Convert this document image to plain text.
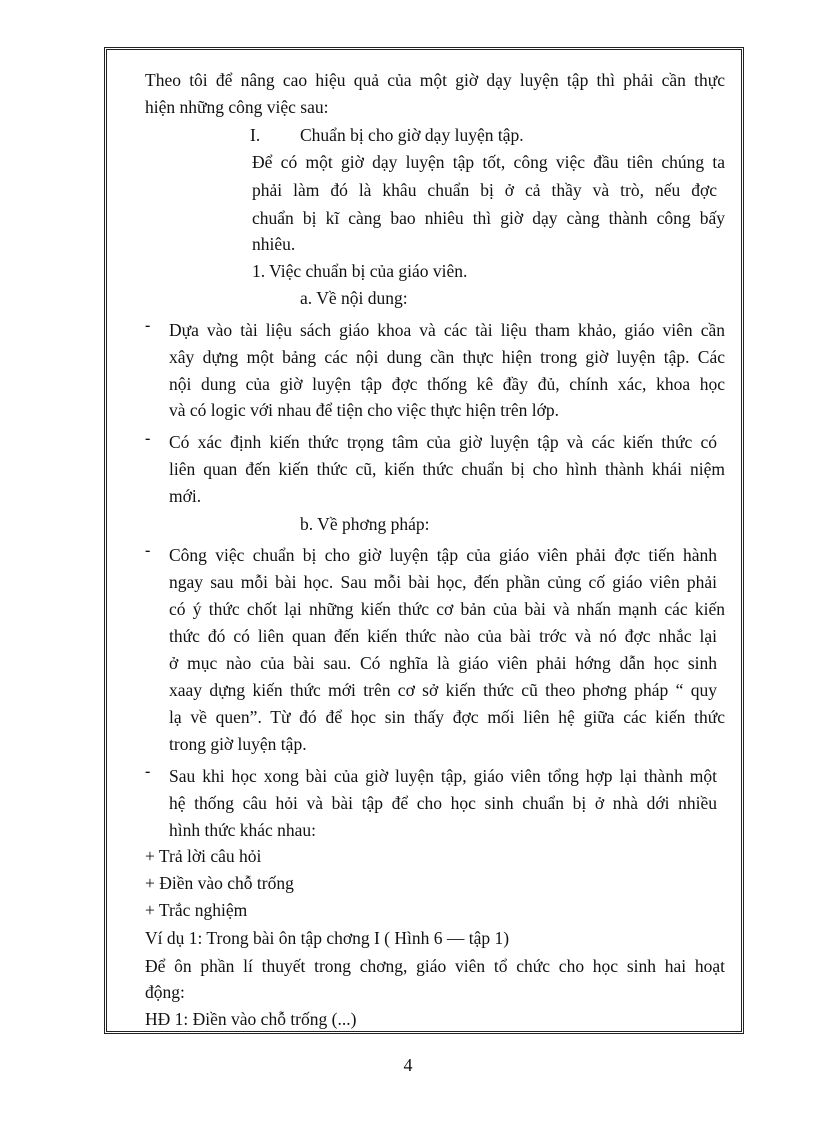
Theo tôi để nâng cao hiệu quả của một giờ dạy luyện tập thì phải cần thực
hiện những công việc sau:
I. Chuẩn bị cho giờ dạy luyện tập.
Để có một giờ dạy luyện tập tốt, công việc đầu tiên chúng ta
phải làm đó là khâu chuẩn bị ở cả thầy và trò, nếu đợc
chuẩn bị kĩ càng bao nhiêu thì giờ dạy càng thành công bấy
nhiêu.
1. Việc chuẩn bị của giáo viên.
a. Về nội dung:
- Dựa vào tài liệu sách giáo khoa và các tài liệu tham khảo, giáo viên cần
xây dựng một bảng các nội dung cần thực hiện trong giờ luyện tập. Các
nội dung của giờ luyện tập đợc thống kê đầy đủ, chính xác, khoa học
và có logic với nhau để tiện cho việc thực hiện trên lớp.
- Có xác định kiến thức trọng tâm của giờ luyện tập và các kiến thức có
liên quan đến kiến thức cũ, kiến thức chuẩn bị cho hình thành khái niệm
mới.
b. Về phơng pháp:
- Công việc chuẩn bị cho giờ luyện tập của giáo viên phải đợc tiến hành
ngay sau mỗi bài học. Sau mỗi bài học, đến phần củng cố giáo viên phải
có ý thức chốt lại những kiến thức cơ bản của bài và nhấn mạnh các kiến
thức đó có liên quan đến kiến thức nào của bài trớc và nó đợc nhắc lại
ở mục nào của bài sau. Có nghĩa là giáo viên phải hớng dẫn học sinh
xaay dựng kiến thức mới trên cơ sở kiến thức cũ theo phơng pháp “ quy
lạ về quen”. Từ đó để học sin thấy đợc mối liên hệ giữa các kiến thức
trong giờ luyện tập.
- Sau khi học xong bài của giờ luyện tập, giáo viên tổng hợp lại thành một
hệ thống câu hỏi và bài tập để cho học sinh chuẩn bị ở nhà dới nhiều
hình thức khác nhau:
+ Trả lời câu hỏi
+ Điền vào chỗ trống
+ Trắc nghiệm
Ví dụ 1: Trong bài ôn tập chơng I ( Hình 6 — tập 1)
Để ôn phần lí thuyết trong chơng, giáo viên tổ chức cho học sinh hai hoạt
động:
HĐ 1: Điền vào chỗ trống (...)
4
